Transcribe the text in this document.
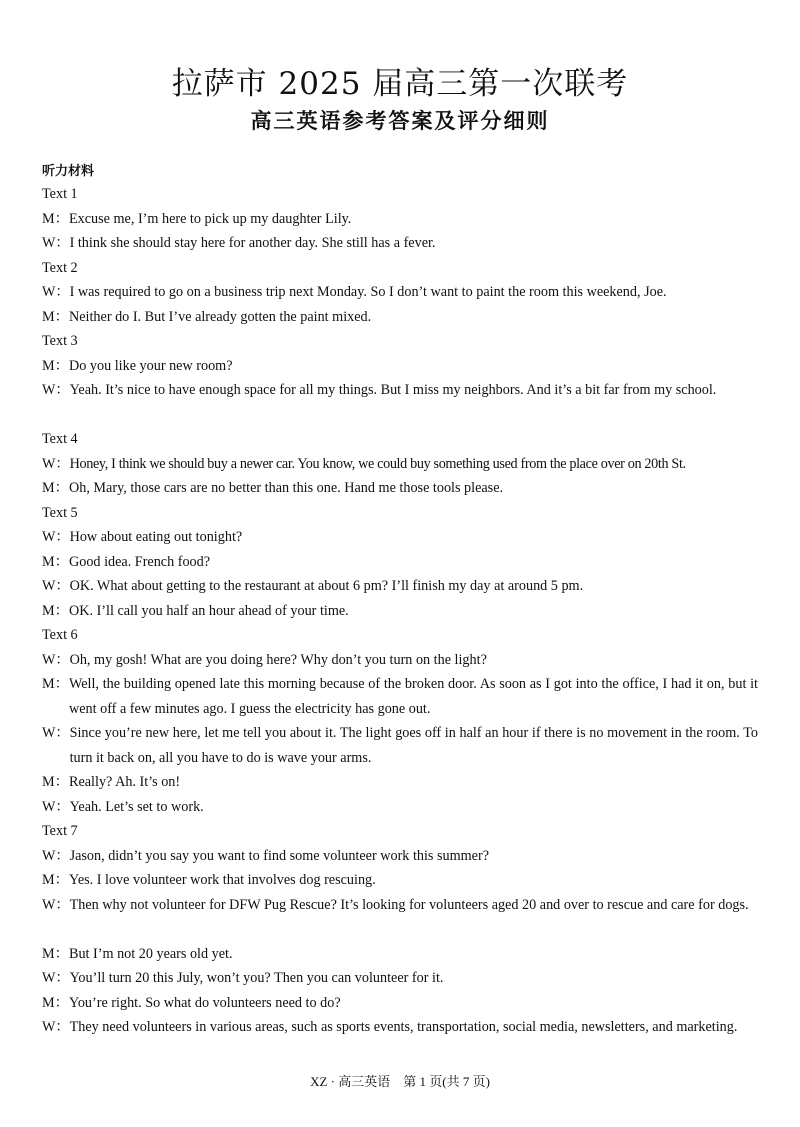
拉萨市 2025 届高三第一次联考
高三英语参考答案及评分细则
听力材料
Text 1
M： Excuse me, I’m here to pick up my daughter Lily.
W： I think she should stay here for another day. She still has a fever.
Text 2
W： I was required to go on a business trip next Monday. So I don’t want to paint the room this weekend, Joe.
M： Neither do I. But I’ve already gotten the paint mixed.
Text 3
M： Do you like your new room?
W： Yeah. It’s nice to have enough space for all my things. But I miss my neighbors. And it’s a bit far from my school.
Text 4
W： Honey, I think we should buy a newer car. You know, we could buy something used from the place over on 20th St.
M： Oh, Mary, those cars are no better than this one. Hand me those tools please.
Text 5
W： How about eating out tonight?
M： Good idea. French food?
W： OK. What about getting to the restaurant at about 6 pm? I’ll finish my day at around 5 pm.
M： OK. I’ll call you half an hour ahead of your time.
Text 6
W： Oh, my gosh! What are you doing here? Why don’t you turn on the light?
M： Well, the building opened late this morning because of the broken door. As soon as I got into the office, I had it on, but it went off a few minutes ago. I guess the electricity has gone out.
W： Since you’re new here, let me tell you about it. The light goes off in half an hour if there is no movement in the room. To turn it back on, all you have to do is wave your arms.
M： Really? Ah. It’s on!
W： Yeah. Let’s set to work.
Text 7
W： Jason, didn’t you say you want to find some volunteer work this summer?
M： Yes. I love volunteer work that involves dog rescuing.
W： Then why not volunteer for DFW Pug Rescue? It’s looking for volunteers aged 20 and over to rescue and care for dogs.
M： But I’m not 20 years old yet.
W： You’ll turn 20 this July, won’t you? Then you can volunteer for it.
M： You’re right. So what do volunteers need to do?
W： They need volunteers in various areas, such as sports events, transportation, social media, newsletters, and marketing.
XZ · 高三英语　第 1 页(共 7 页)
